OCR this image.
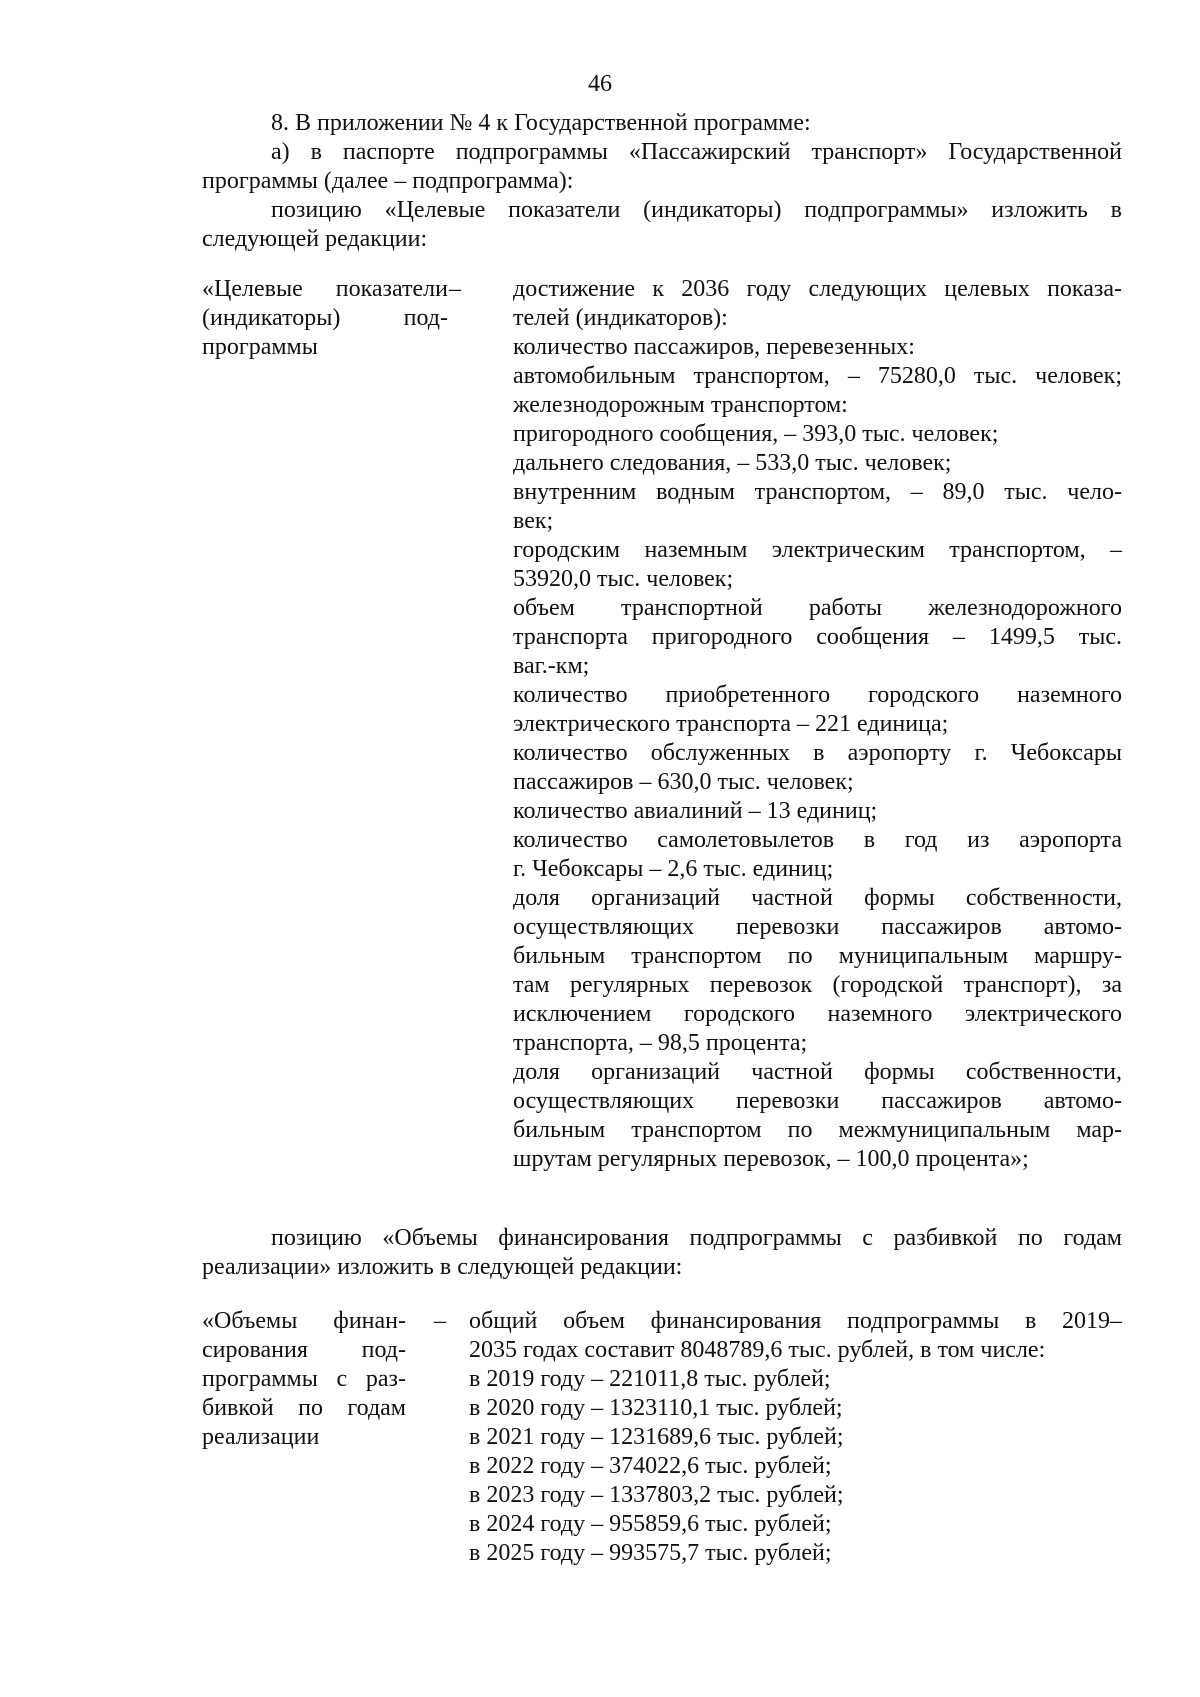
46
8. В приложении № 4 к Государственной программе:
а) в паспорте подпрограммы «Пассажирский транспорт» Государственной программы (далее – подпрограмма):
позицию «Целевые показатели (индикаторы) подпрограммы» изложить в следующей редакции:
«Целевые показатели
(индикаторы) под-
программы
– достижение к 2036 году следующих целевых показа-
телей (индикаторов):
количество пассажиров, перевезенных:
автомобильным транспортом, – 75280,0 тыс. человек;
железнодорожным транспортом:
пригородного сообщения, – 393,0 тыс. человек;
дальнего следования, – 533,0 тыс. человек;
внутренним водным транспортом, – 89,0 тыс. чело-
век;
городским наземным электрическим транспортом, –
53920,0 тыс. человек;
объем транспортной работы железнодорожного
транспорта пригородного сообщения – 1499,5 тыс.
ваг.-км;
количество приобретенного городского наземного
электрического транспорта – 221 единица;
количество обслуженных в аэропорту г. Чебоксары
пассажиров – 630,0 тыс. человек;
количество авиалиний – 13 единиц;
количество самолетовылетов в год из аэропорта
г. Чебоксары – 2,6 тыс. единиц;
доля организаций частной формы собственности,
осуществляющих перевозки пассажиров автомо-
бильным транспортом по муниципальным маршру-
там регулярных перевозок (городской транспорт), за
исключением городского наземного электрического
транспорта, – 98,5 процента;
доля организаций частной формы собственности,
осуществляющих перевозки пассажиров автомо-
бильным транспортом по межмуниципальным мар-
шрутам регулярных перевозок, – 100,0 процента»;
позицию «Объемы финансирования подпрограммы с разбивкой по годам реализации» изложить в следующей редакции:
«Объемы финан-
сирования под-
программы с раз-
бивкой по годам
реализации
– общий объем финансирования подпрограммы в 2019–
2035 годах составит 8048789,6 тыс. рублей, в том числе:
в 2019 году – 221011,8 тыс. рублей;
в 2020 году – 1323110,1 тыс. рублей;
в 2021 году – 1231689,6 тыс. рублей;
в 2022 году – 374022,6 тыс. рублей;
в 2023 году – 1337803,2 тыс. рублей;
в 2024 году – 955859,6 тыс. рублей;
в 2025 году – 993575,7 тыс. рублей;
